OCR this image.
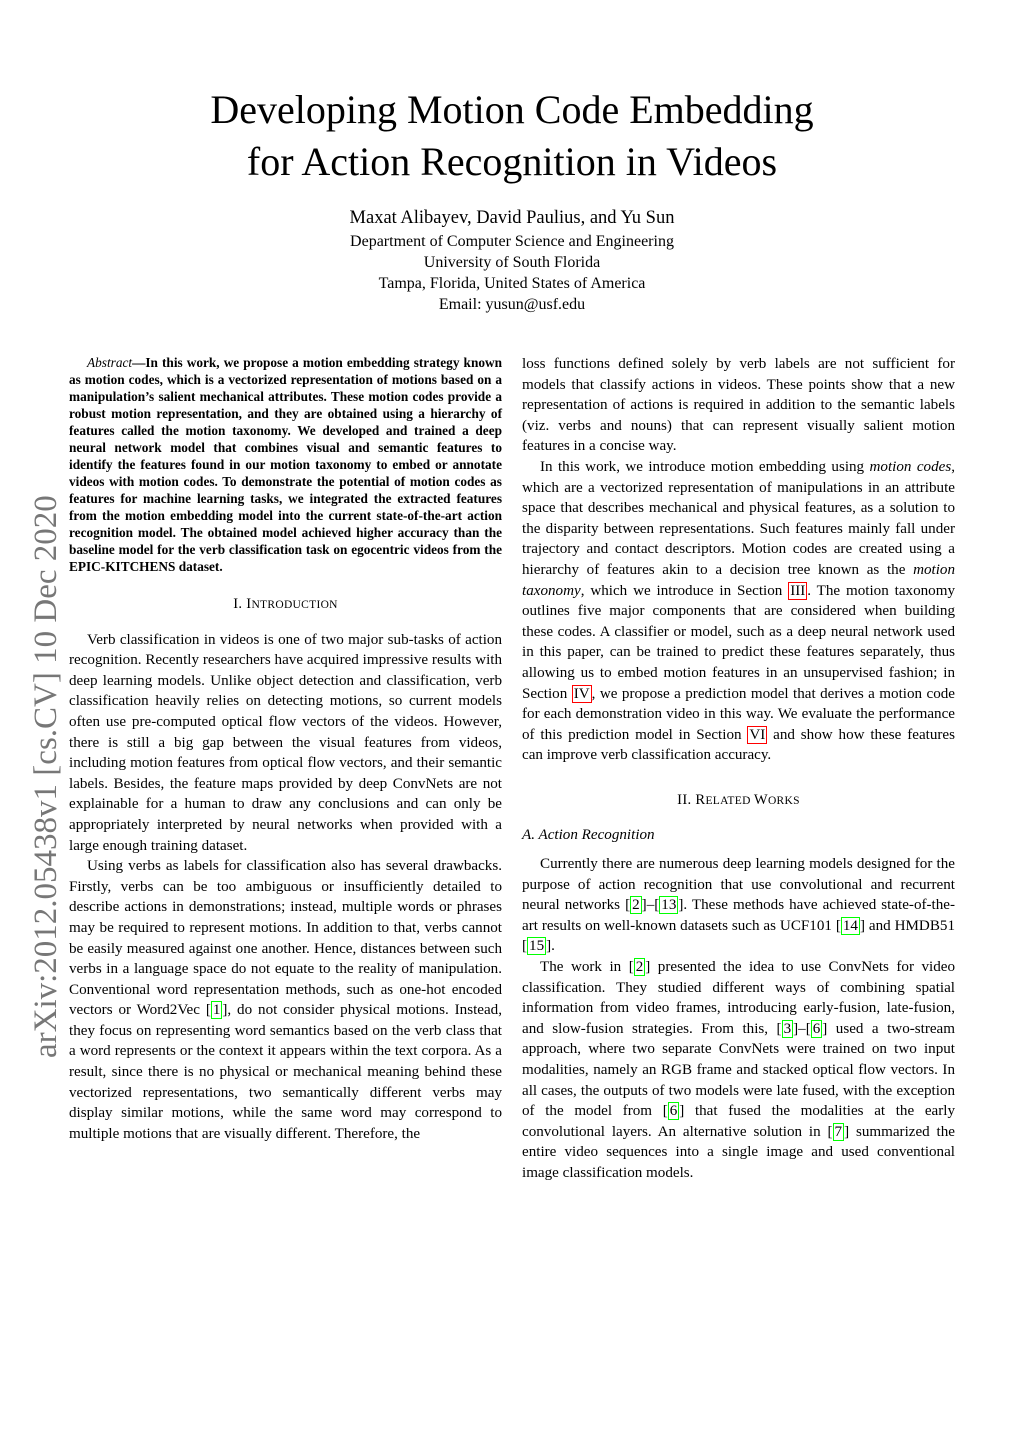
arXiv:2012.05438v1 [cs.CV] 10 Dec 2020
Developing Motion Code Embedding
for Action Recognition in Videos
Maxat Alibayev, David Paulius, and Yu Sun
Department of Computer Science and Engineering
University of South Florida
Tampa, Florida, United States of America
Email: yusun@usf.edu

Abstract—In this work, we propose a motion embedding strategy known as motion codes, which is a vectorized representation of motions based on a manipulation’s salient mechanical attributes. These motion codes provide a robust motion representation, and they are obtained using a hierarchy of features called the motion taxonomy. We developed and trained a deep neural network model that combines visual and semantic features to identify the features found in our motion taxonomy to embed or annotate videos with motion codes. To demonstrate the potential of motion codes as features for machine learning tasks, we integrated the extracted features from the motion embedding model into the current state-of-the-art action recognition model. The obtained model achieved higher accuracy than the baseline model for the verb classification task on egocentric videos from the EPIC-KITCHENS dataset.

I. INTRODUCTION

Verb classification in videos is one of two major sub-tasks of action recognition. Recently researchers have acquired impressive results with deep learning models. Unlike object detection and classification, verb classification heavily relies on detecting motions, so current models often use pre-computed optical flow vectors of the videos. However, there is still a big gap between the visual features from videos, including motion features from optical flow vectors, and their semantic labels. Besides, the feature maps provided by deep ConvNets are not explainable for a human to draw any conclusions and can only be appropriately interpreted by neural networks when provided with a large enough training dataset.

Using verbs as labels for classification also has several drawbacks. Firstly, verbs can be too ambiguous or insufficiently detailed to describe actions in demonstrations; instead, multiple words or phrases may be required to represent motions. In addition to that, verbs cannot be easily measured against one another. Hence, distances between such verbs in a language space do not equate to the reality of manipulation. Conventional word representation methods, such as one-hot encoded vectors or Word2Vec [ 1 ], do not consider physical motions. Instead, they focus on representing word semantics based on the verb class that a word represents or the context it appears within the text corpora. As a result, since there is no physical or mechanical meaning behind these vectorized representations, two semantically different verbs may display similar motions, while the same word may correspond to multiple motions that are visually different. Therefore, the

loss functions defined solely by verb labels are not sufficient for models that classify actions in videos. These points show that a new representation of actions is required in addition to the semantic labels (viz. verbs and nouns) that can represent visually salient motion features in a concise way.

In this work, we introduce motion embedding using motion codes, which are a vectorized representation of manipulations in an attribute space that describes mechanical and physical features, as a solution to the disparity between representations. Such features mainly fall under trajectory and contact descriptors. Motion codes are created using a hierarchy of features akin to a decision tree known as the motion taxonomy, which we introduce in Section III . The motion taxonomy outlines five major components that are considered when building these codes. A classifier or model, such as a deep neural network used in this paper, can be trained to predict these features separately, thus allowing us to embed motion features in an unsupervised fashion; in Section IV , we propose a prediction model that derives a motion code for each demonstration video in this way. We evaluate the performance of this prediction model in Section VI and show how these features can improve verb classification accuracy.

II. RELATED WORKS
A. Action Recognition

Currently there are numerous deep learning models designed for the purpose of action recognition that use convolutional and recurrent neural networks [ 2 ]–[ 13 ]. These methods have achieved state-of-the-art results on well-known datasets such as UCF101 [ 14 ] and HMDB51 [ 15 ].

The work in [ 2 ] presented the idea to use ConvNets for video classification. They studied different ways of combining spatial information from video frames, introducing early-fusion, late-fusion, and slow-fusion strategies. From this, [ 3 ]–[ 6 ] used a two-stream approach, where two separate ConvNets were trained on two input modalities, namely an RGB frame and stacked optical flow vectors. In all cases, the outputs of two models were late fused, with the exception of the model from [ 6 ] that fused the modalities at the early convolutional layers. An alternative solution in [ 7 ] summarized the entire video sequences into a single image and used conventional image classification models.
